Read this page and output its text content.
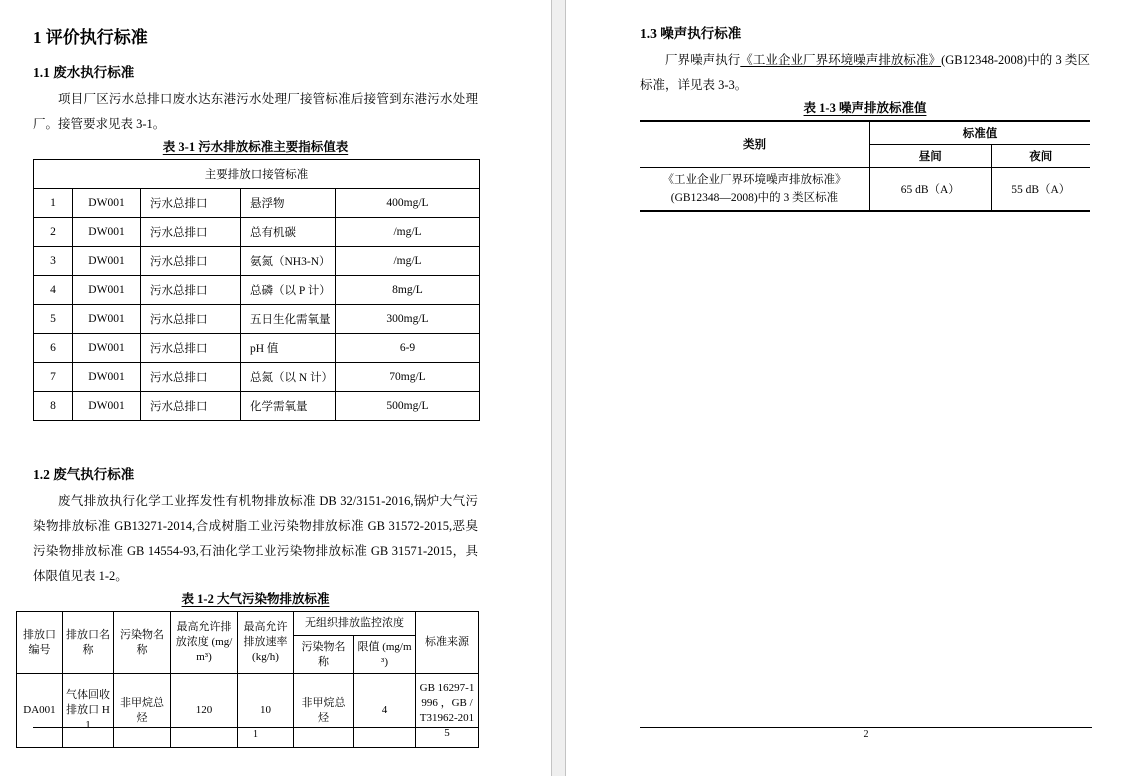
1 评价执行标准
1.1 废水执行标准

项目厂区污水总排口废水达东港污水处理厂接管标准后接管到东港污水处理厂。接管要求见表 3-1。

表 3-1 污水排放标准主要指标值表
主要排放口接管标准				
1	DW001	污水总排口	悬浮物	400mg/L
2	DW001	污水总排口	总有机碳	/mg/L
3	DW001	污水总排口	氨氮（NH3-N）	/mg/L
4	DW001	污水总排口	总磷（以 P 计）	8mg/L
5	DW001	污水总排口	五日生化需氧量	300mg/L
6	DW001	污水总排口	pH 值	6-9
7	DW001	污水总排口	总氮（以 N 计）	70mg/L
8	DW001	污水总排口	化学需氧量	500mg/L
1.2 废气执行标准

废气排放执行化学工业挥发性有机物排放标准 DB 32/3151-2016,锅炉大气污染物排放标准 GB13271-2014,合成树脂工业污染物排放标准 GB 31572-2015,恶臭污染物排放标准 GB 14554-93,石油化学工业污染物排放标准 GB 31571-2015，具体限值见表 1-2。

表 1-2 大气污染物排放标准
排放口编号	排放口名称	污染物名称	最高允许排放浓度 (mg/m³)	最高允许排放速率 (kg/h)	无组织排放监控浓度		标准来源
					污染物名称	限值 (mg/m³)	
DA001	气体回收排放口 H1	非甲烷总烃	120	10	非甲烷总烃	4	GB 16297-1996 ，GB /T31962-2015
1
1.3 噪声执行标准

厂界噪声执行《工业企业厂界环境噪声排放标准》(GB12348-2008)中的 3 类区标准，详见表 3-3。

表 1-3 噪声排放标准值
类别	标准值	
	昼间	夜间

《工业企业厂界环境噪声排放标准》
(GB12348—2008)中的 3 类区标准	65 dB（A）	55 dB（A）
2
